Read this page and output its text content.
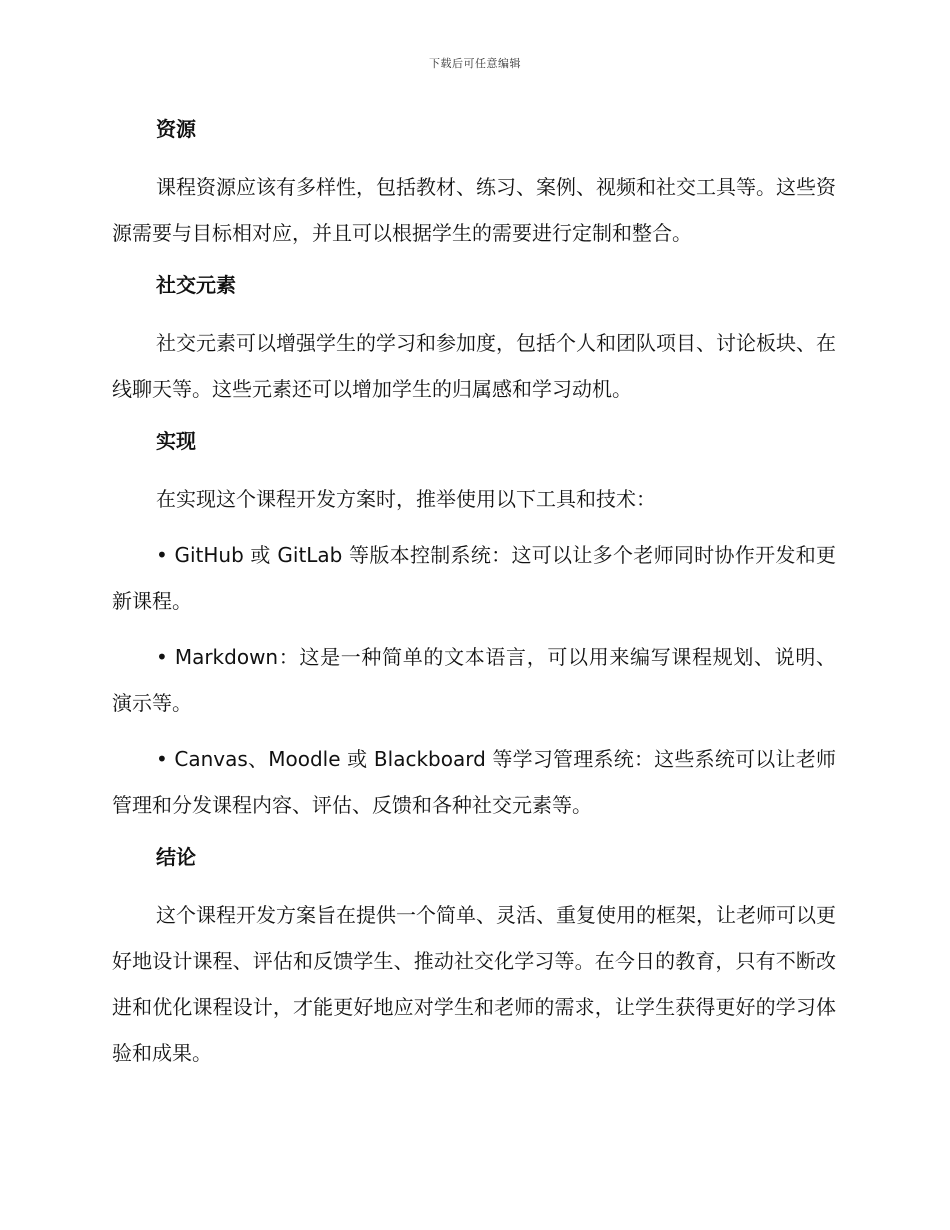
下载后可任意编辑
资源

课程资源应该有多样性，包括教材、练习、案例、视频和社交工具等。这些资源需要与目标相对应，并且可以根据学生的需要进行定制和整合。

社交元素

社交元素可以增强学生的学习和参加度，包括个人和团队项目、讨论板块、在线聊天等。这些元素还可以增加学生的归属感和学习动机。

实现

在实现这个课程开发方案时，推举使用以下工具和技术：

• GitHub 或 GitLab 等版本控制系统：这可以让多个老师同时协作开发和更新课程。

• Markdown：这是一种简单的文本语言，可以用来编写课程规划、说明、演示等。

• Canvas、Moodle 或 Blackboard 等学习管理系统：这些系统可以让老师管理和分发课程内容、评估、反馈和各种社交元素等。

结论

这个课程开发方案旨在提供一个简单、灵活、重复使用的框架，让老师可以更好地设计课程、评估和反馈学生、推动社交化学习等。在今日的教育，只有不断改进和优化课程设计，才能更好地应对学生和老师的需求，让学生获得更好的学习体验和成果。
